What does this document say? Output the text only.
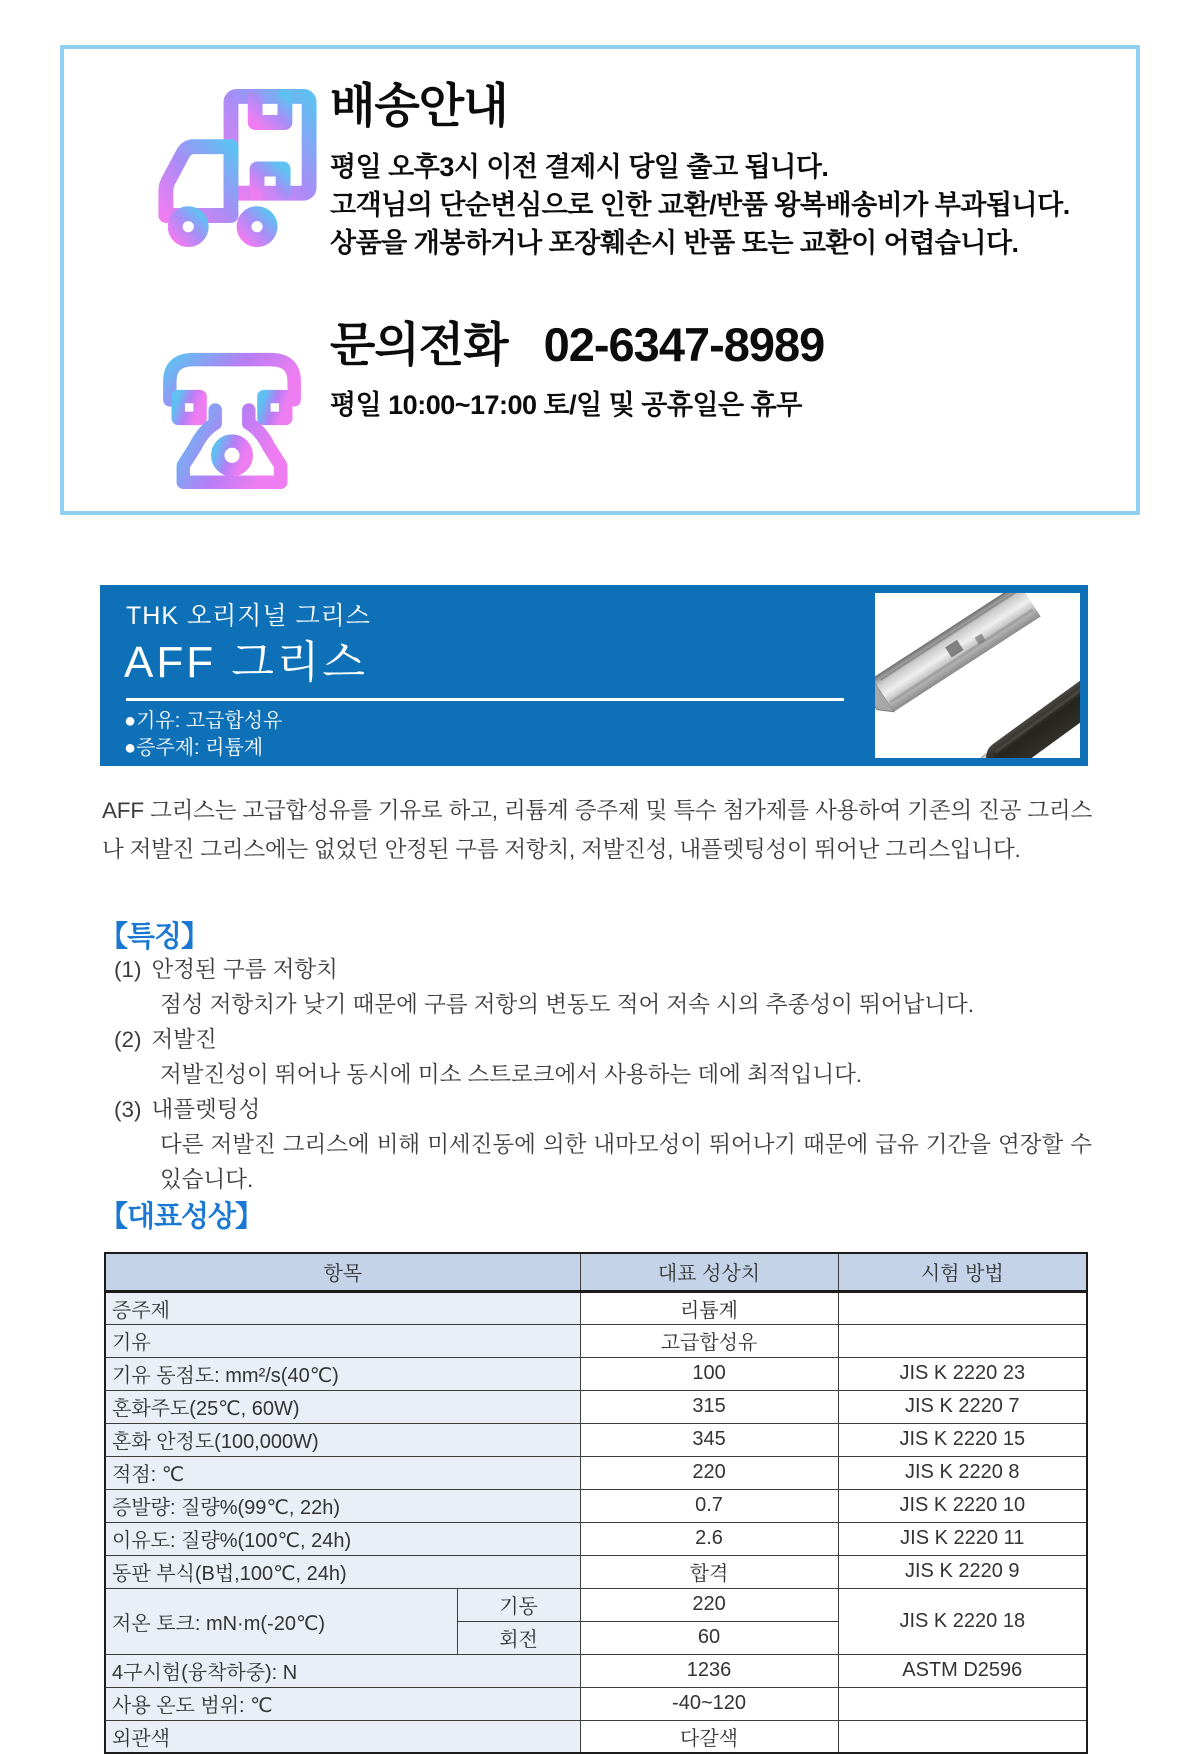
배송안내
평일 오후3시 이전 결제시 당일 출고 됩니다.
고객님의 단순변심으로 인한 교환/반품 왕복배송비가 부과됩니다.
상품을 개봉하거나 포장훼손시 반품 또는 교환이 어렵습니다.
문의전화 02-6347-8989
평일 10:00~17:00 토/일 및 공휴일은 휴무
THK 오리지널 그리스
AFF 그리스
●기유: 고급합성유
●증주제: 리튬계

AFF 그리스는 고급합성유를 기유로 하고, 리튬계 증주제 및 특수 첨가제를 사용하여 기존의 진공 그리스나 저발진 그리스에는 없었던 안정된 구름 저항치, 저발진성, 내플렛팅성이 뛰어난 그리스입니다.

【특징】
(1) 안정된 구름 저항치
점성 저항치가 낮기 때문에 구름 저항의 변동도 적어 저속 시의 추종성이 뛰어납니다.
(2) 저발진
저발진성이 뛰어나 동시에 미소 스트로크에서 사용하는 데에 최적입니다.
(3) 내플렛팅성
다른 저발진 그리스에 비해 미세진동에 의한 내마모성이 뛰어나기 때문에 급유 기간을 연장할 수 있습니다.
【대표성상】
항목		대표 성상치	시험 방법
증주제		리튬계	
기유		고급합성유	
기유 동점도: mm²/s(40℃)		100	JIS K 2220 23
혼화주도(25℃, 60W)		315	JIS K 2220 7
혼화 안정도(100,000W)		345	JIS K 2220 15
적점: ℃		220	JIS K 2220 8
증발량: 질량%(99℃, 22h)		0.7	JIS K 2220 10
이유도: 질량%(100℃, 24h)		2.6	JIS K 2220 11
동판 부식(B법,100℃, 24h)		합격	JIS K 2220 9
저온 토크: mN·m(-20℃)	기동	220	JIS K 2220 18
	회전	60	
4구시험(융착하중): N		1236	ASTM D2596
사용 온도 범위: ℃		-40~120	
외관색		다갈색	
